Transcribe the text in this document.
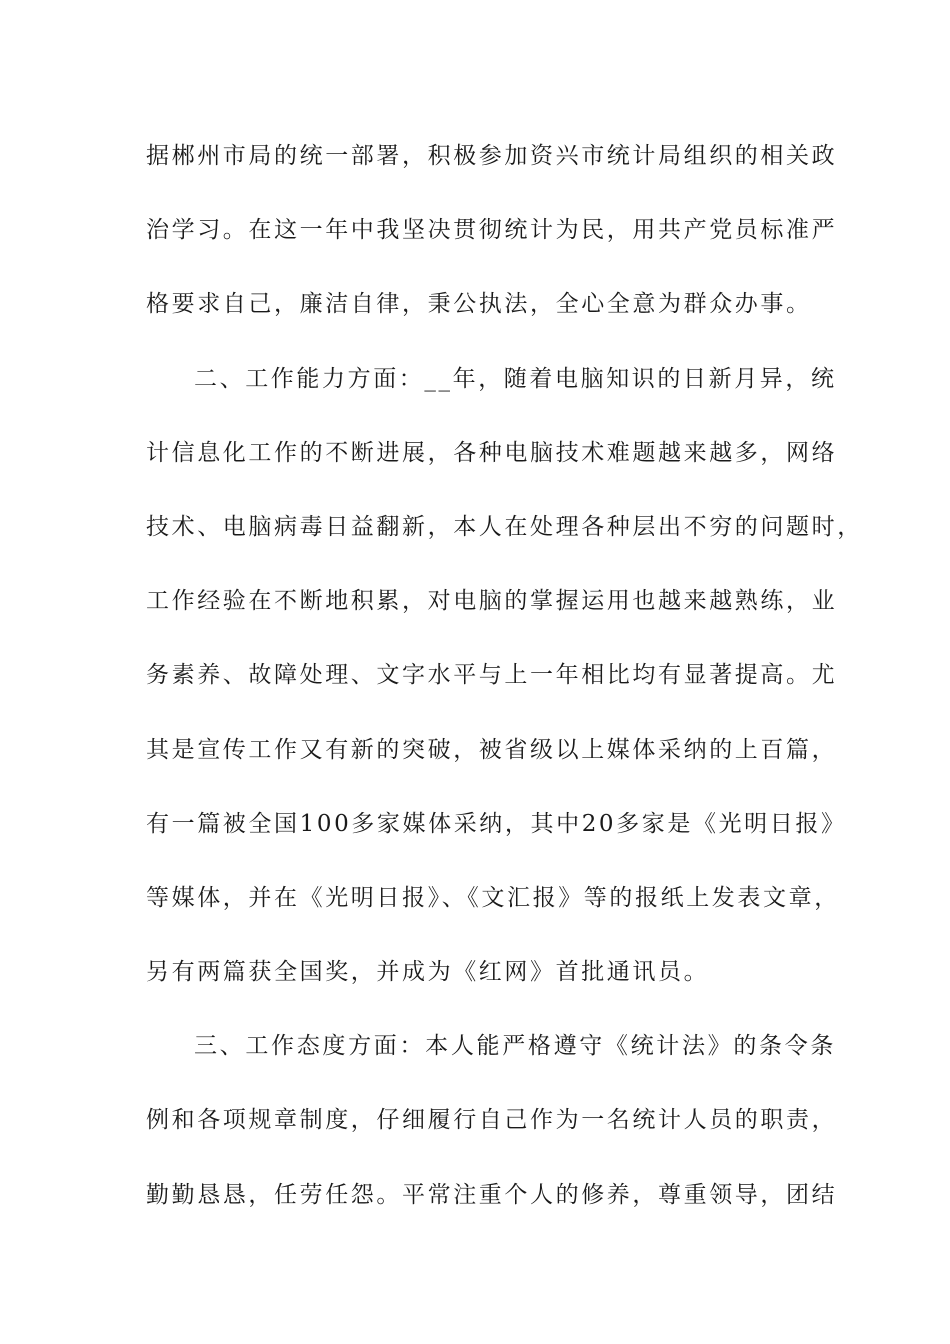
据郴州市局的统一部署，积极参加资兴市统计局组织的相关政
治学习。在这一年中我坚决贯彻统计为民，用共产党员标准严
格要求自己，廉洁自律，秉公执法，全心全意为群众办事。
二、工作能力方面：__年，随着电脑知识的日新月异，统
计信息化工作的不断进展，各种电脑技术难题越来越多，网络
技术、电脑病毒日益翻新，本人在处理各种层出不穷的问题时，
工作经验在不断地积累，对电脑的掌握运用也越来越熟练，业
务素养、故障处理、文字水平与上一年相比均有显著提高。尤
其是宣传工作又有新的突破，被省级以上媒体采纳的上百篇，
有一篇被全国100多家媒体采纳，其中20多家是《光明日报》
等媒体，并在《光明日报》、《文汇报》等的报纸上发表文章，
另有两篇获全国奖，并成为《红网》首批通讯员。
三、工作态度方面：本人能严格遵守《统计法》的条令条
例和各项规章制度，仔细履行自己作为一名统计人员的职责，
勤勤恳恳，任劳任怨。平常注重个人的修养，尊重领导，团结
